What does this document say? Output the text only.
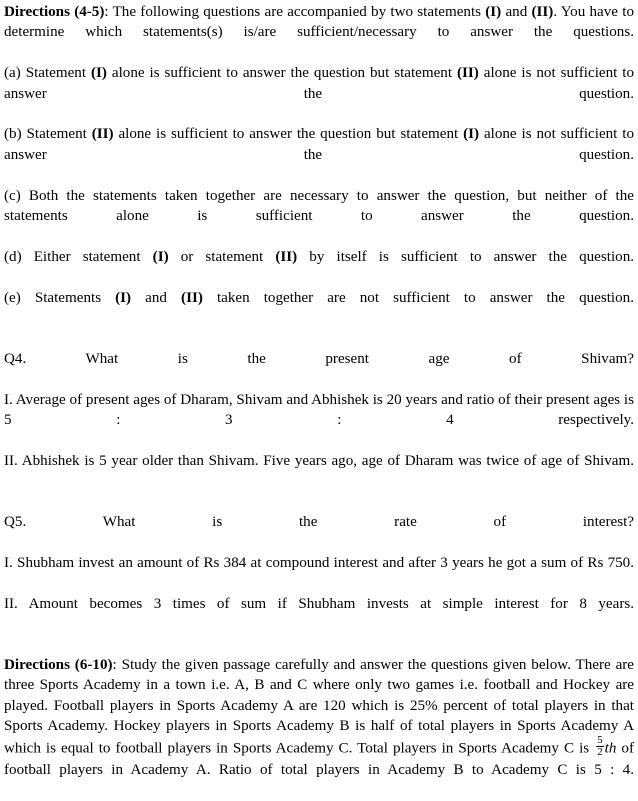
Directions (4-5): The following questions are accompanied by two statements (I) and (II). You have to determine which statements(s) is/are sufficient/necessary to answer the questions.

(a) Statement (I) alone is sufficient to answer the question but statement (II) alone is not sufficient to answer the question.

(b) Statement (II) alone is sufficient to answer the question but statement (I) alone is not sufficient to answer the question.

(c) Both the statements taken together are necessary to answer the question, but neither of the statements alone is sufficient to answer the question.

(d) Either statement (I) or statement (II) by itself is sufficient to answer the question.

(e) Statements (I) and (II) taken together are not sufficient to answer the question.

Q4. What is the present age of Shivam?

I. Average of present ages of Dharam, Shivam and Abhishek is 20 years and ratio of their present ages is 5 : 3 : 4 respectively.

II. Abhishek is 5 year older than Shivam. Five years ago, age of Dharam was twice of age of Shivam.

Q5. What is the rate of interest?

I. Shubham invest an amount of Rs 384 at compound interest and after 3 years he got a sum of Rs 750.

II. Amount becomes 3 times of sum if Shubham invests at simple interest for 8 years.

Directions (6-10): Study the given passage carefully and answer the questions given below. There are three Sports Academy in a town i.e. A, B and C where only two games i.e. football and Hockey are played. Football players in Sports Academy A are 120 which is 25% percent of total players in that Sports Academy. Hockey players in Sports Academy B is half of total players in Sports Academy A which is equal to football players in Sports Academy C. Total players in Sports Academy C is $\frac{5}{2}$ th of football players in Academy A. Ratio of total players in Academy B to Academy C is 5 : 4.
